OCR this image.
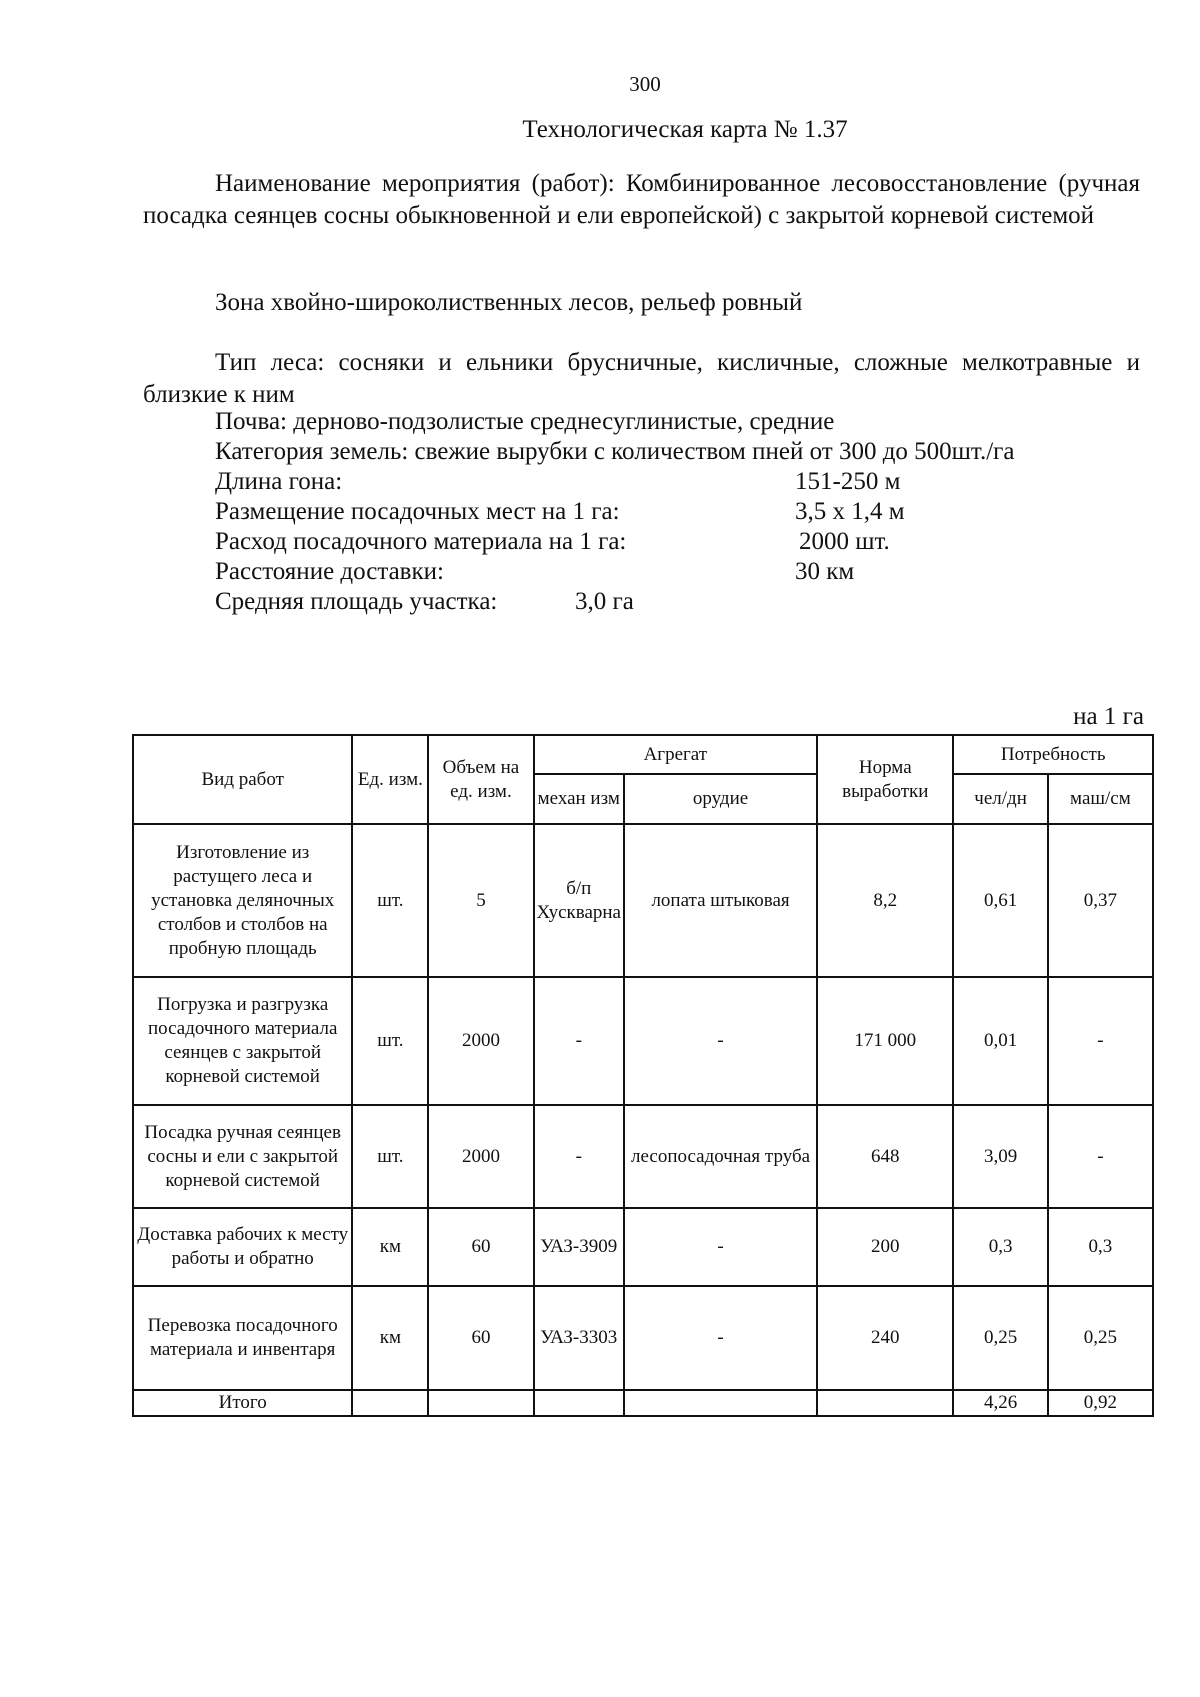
300
Технологическая карта № 1.37
Наименование мероприятия (работ): Комбинированное лесовосстановление (ручная посадка сеянцев сосны обыкновенной и ели европейской) с закрытой корневой системой
Зона хвойно-широколиственных лесов, рельеф ровный
Тип леса: сосняки и ельники брусничные, кисличные, сложные мелкотравные и близкие к ним
Почва: дерново-подзолистые среднесуглинистые, средние
Категория земель: свежие вырубки с количеством пней от 300 до 500шт./га
Длина гона:	151-250 м
Размещение посадочных мест на 1 га:	3,5 х 1,4 м
Расход посадочного материала на 1 га:	2000 шт.
Расстояние доставки:	30 км
Средняя площадь участка:	3,0 га
на 1 га
Вид работ	Ед. изм.	Объем на ед. изм.	Агрегат		Норма выработки	Потребность	
			механ изм	орудие		чел/дн	маш/см
Изготовление из растущего леса и установка деляночных столбов и столбов на пробную площадь	шт.	5	б/п Хускварна	лопата штыковая	8,2	0,61	0,37
Погрузка и разгрузка посадочного материала сеянцев с закрытой корневой системой	шт.	2000	-	-	171 000	0,01	-
Посадка ручная сеянцев сосны и ели с закрытой корневой системой	шт.	2000	-	лесопосадочная труба	648	3,09	-
Доставка рабочих к месту работы и обратно	км	60	УАЗ-3909	-	200	0,3	0,3
Перевозка посадочного материала и инвентаря	км	60	УАЗ-3303	-	240	0,25	0,25
Итого						4,26	0,92
